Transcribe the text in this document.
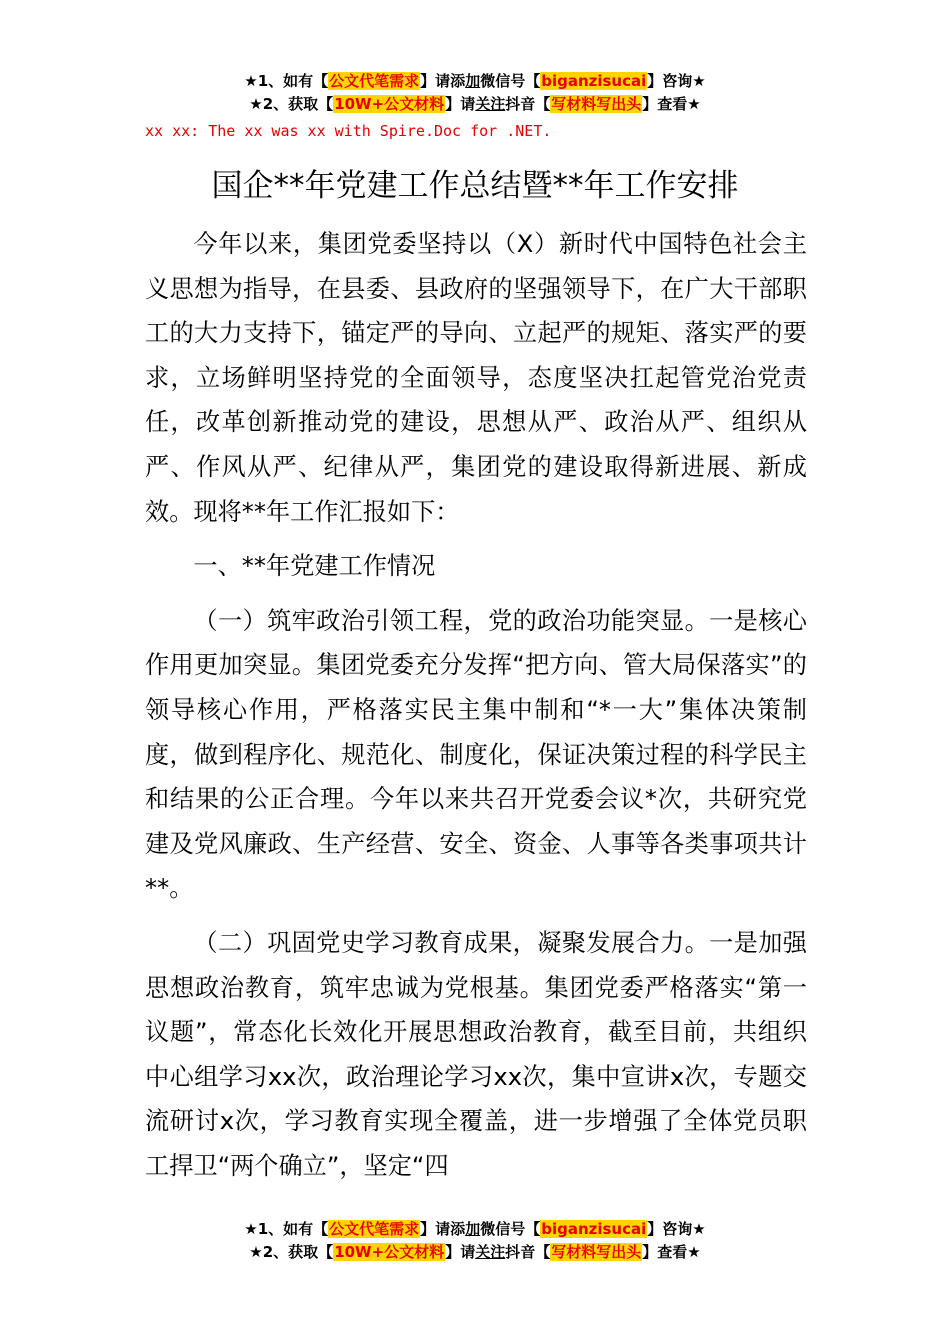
★1、如有【公文代笔需求】请添加微信号【biganzisucai】咨询★
★2、获取【10W+公文材料】请关注抖音【写材料写出头】查看★
xx xx: The xx was xx with Spire.Doc for .NET.
国企**年党建工作总结暨**年工作安排

今年以来，集团党委坚持以（X）新时代中国特色社会主义思想为指导，在县委、县政府的坚强领导下，在广大干部职工的大力支持下，锚定严的导向、立起严的规矩、落实严的要求，立场鲜明坚持党的全面领导，态度坚决扛起管党治党责任，改革创新推动党的建设，思想从严、政治从严、组织从严、作风从严、纪律从严，集团党的建设取得新进展、新成效。现将**年工作汇报如下：

一、**年党建工作情况

（一）筑牢政治引领工程，党的政治功能突显。一是核心作用更加突显。集团党委充分发挥“把方向、管大局保落实”的领导核心作用，严格落实民主集中制和“*一大”集体决策制度，做到程序化、规范化、制度化，保证决策过程的科学民主和结果的公正合理。今年以来共召开党委会议*次，共研究党建及党风廉政、生产经营、安全、资金、人事等各类事项共计**。

（二）巩固党史学习教育成果，凝聚发展合力。一是加强思想政治教育，筑牢忠诚为党根基。集团党委严格落实“第一议题”，常态化长效化开展思想政治教育，截至目前，共组织中心组学习xx次，政治理论学习xx次，集中宣讲x次，专题交流研讨x次，学习教育实现全覆盖，进一步增强了全体党员职工捍卫“两个确立”，坚定“四

★1、如有【公文代笔需求】请添加微信号【biganzisucai】咨询★
★2、获取【10W+公文材料】请关注抖音【写材料写出头】查看★
